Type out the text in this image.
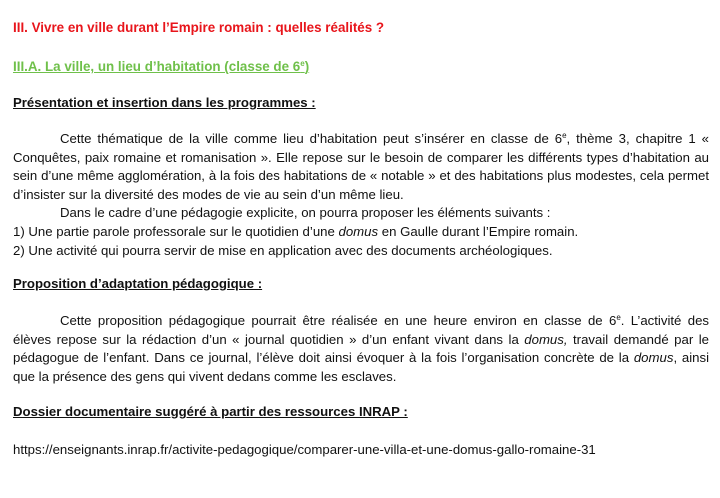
III. Vivre en ville durant l’Empire romain : quelles réalités ?
III.A. La ville, un lieu d’habitation (classe de 6e)
Présentation et insertion dans les programmes :

Cette thématique de la ville comme lieu d’habitation peut s’insérer en classe de 6e, thème 3, chapitre 1 « Conquêtes, paix romaine et romanisation ». Elle repose sur le besoin de comparer les différents types d’habitation au sein d’une même agglomération, à la fois des habitations de « notable » et des habitations plus modestes, cela permet d’insister sur la diversité des modes de vie au sein d’un même lieu.

Dans le cadre d’une pédagogie explicite, on pourra proposer les éléments suivants :

1) Une partie parole professorale sur le quotidien d’une domus en Gaulle durant l’Empire romain.

2) Une activité qui pourra servir de mise en application avec des documents archéologiques.

Proposition d’adaptation pédagogique :

Cette proposition pédagogique pourrait être réalisée en une heure environ en classe de 6e. L’activité des élèves repose sur la rédaction d’un « journal quotidien » d’un enfant vivant dans la domus, travail demandé par le pédagogue de l’enfant. Dans ce journal, l’élève doit ainsi évoquer à la fois l’organisation concrète de la domus, ainsi que la présence des gens qui vivent dedans comme les esclaves.

Dossier documentaire suggéré à partir des ressources INRAP :
https://enseignants.inrap.fr/activite-pedagogique/comparer-une-villa-et-une-domus-gallo-romaine-31
